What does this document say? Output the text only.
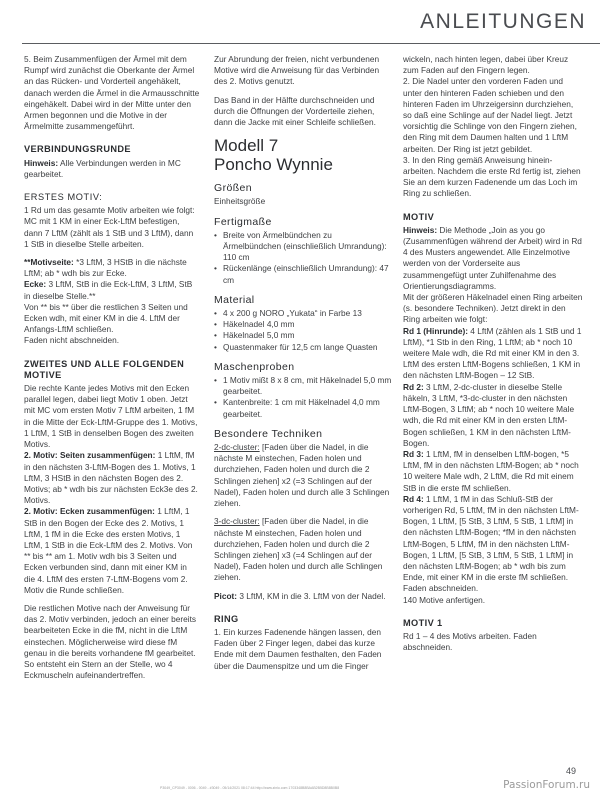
ANLEITUNGEN

5. Beim Zusammenfügen der Ärmel mit dem Rumpf wird zunächst die Oberkante der Ärmel an das Rücken- und Vorderteil angehäkelt, danach werden die Ärmel in die Armausschnitte eingehäkelt. Dabei wird in der Mitte unter den Armen begonnen und die Motive in der Ärmelmitte zusammengeführt.

VERBINDUNGSRUNDE

Hinweis: Alle Verbindungen werden in MC gearbeitet.

ERSTES MOTIV:

1 Rd um das gesamte Motiv arbeiten wie folgt:

MC mit 1 KM in einer Eck-LftM befestigen, dann 7 LftM (zählt als 1 StB und 3 LftM), dann 1 StB in dieselbe Stelle arbeiten.

**Motivseite: *3 LftM, 3 HStB in die nächste LftM; ab * wdh bis zur Ecke.

Ecke: 3 LftM, StB in die Eck-LftM, 3 LftM, StB in dieselbe Stelle.**

Von ** bis ** über die restlichen 3 Seiten und Ecken wdh, mit einer KM in die 4. LftM der Anfangs-LftM schließen.

Faden nicht abschneiden.

ZWEITES UND ALLE FOLGENDEN MOTIVE

Die rechte Kante jedes Motivs mit den Ecken parallel legen, dabei liegt Motiv 1 oben. Jetzt mit MC vom ersten Motiv 7 LftM arbeiten, 1 fM in die Mitte der Eck-LftM-Gruppe des 1. Motivs, 1 LftM, 1 StB in denselben Bogen des zweiten Motivs.

2. Motiv: Seiten zusammenfügen: 1 LftM, fM in den nächsten 3-LftM-Bogen des 1. Motivs, 1 LftM, 3 HStB in den nächsten Bogen des 2. Motivs; ab * wdh bis zur nächsten Eck3e des 2. Motivs.

2. Motiv: Ecken zusammenfügen: 1 LftM, 1 StB in den Bogen der Ecke des 2. Motivs, 1 LftM, 1 fM in die Ecke des ersten Motivs, 1 LftM, 1 StB in die Eck-LftM des 2. Motivs. Von ** bis ** am 1. Motiv wdh bis 3 Seiten und Ecken verbunden sind, dann mit einer KM in die 4. LftM des ersten 7-LftM-Bogens vom 2. Motiv die Runde schließen.

Die restlichen Motive nach der Anweisung für das 2. Motiv verbinden, jedoch an einer bereits bearbeiteten Ecke in die fM, nicht in die LftM einstechen. Möglicherweise wird diese fM genau in die bereits vorhandene fM gearbeitet. So entsteht ein Stern an der Stelle, wo 4 Eckmuscheln aufeinandertreffen.

Zur Abrundung der freien, nicht verbundenen Motive wird die Anweisung für das Verbinden des 2. Motivs genutzt.

Das Band in der Hälfte durchschneiden und durch die Öffnungen der Vorderteile ziehen, dann die Jacke mit einer Schleife schließen.

Modell 7
Poncho Wynnie
Größen

Einheitsgröße

Fertigmaße
• Breite von Ärmelbündchen zu Ärmelbündchen (einschließlich Umrandung): 110 cm
• Rückenlänge (einschließlich Umrandung): 47 cm
Material
• 4 x 200 g NORO „Yukata“ in Farbe 13
• Häkelnadel 4,0 mm
• Häkelnadel 5,0 mm
• Quastenmaker für 12,5 cm lange Quasten
Maschenproben
• 1 Motiv mißt 8 x 8 cm, mit Häkelnadel 5,0 mm gearbeitet.
• Kantenbreite: 1 cm mit Häkelnadel 4,0 mm gearbeitet.
Besondere Techniken

2-dc-cluster: [Faden über die Nadel, in die nächste M einstechen, Faden holen und durchziehen, Faden holen und durch die 2 Schlingen ziehen] x2 (=3 Schlingen auf der Nadel), Faden holen und durch alle 3 Schlingen ziehen.

3-dc-cluster: [Faden über die Nadel, in die nächste M einstechen, Faden holen und durchziehen, Faden holen und durch die 2 Schlingen ziehen] x3 (=4 Schlingen auf der Nadel), Faden holen und durch alle Schlingen ziehen.

Picot: 3 LftM, KM in die 3. LftM von der Nadel.

RING

1. Ein kurzes Fadenende hängen lassen, den Faden über 2 Finger legen, dabei das kurze Ende mit dem Daumen festhalten, den Faden über die Daumenspitze und um die Finger

wickeln, nach hinten legen, dabei über Kreuz zum Faden auf den Fingern legen.

2. Die Nadel unter den vorderen Faden und unter den hinteren Faden schieben und den hinteren Faden im Uhrzeigersinn durchziehen, so daß eine Schlinge auf der Nadel liegt. Jetzt vorsichtig die Schlinge von den Fingern ziehen, den Ring mit dem Daumen halten und 1 LftM arbeiten. Der Ring ist jetzt gebildet.

3. In den Ring gemäß Anweisung hinein-arbeiten. Nachdem die erste Rd fertig ist, ziehen Sie an dem kurzen Fadenende um das Loch im Ring zu schließen.

MOTIV

Hinweis: Die Methode „Join as you go (Zusammenfügen während der Arbeit) wird in Rd 4 des Musters angewendet. Alle Einzelmotive werden von der Vorderseite aus zusammengefügt unter Zuhilfenahme des Orientierungsdiagramms.

Mit der größeren Häkelnadel einen Ring arbeiten (s. besondere Techniken). Jetzt direkt in den Ring arbeiten wie folgt:

Rd 1 (Hinrunde): 4 LftM (zählen als 1 StB und 1 LftM), *1 Stb in den Ring, 1 LftM; ab * noch 10 weitere Male wdh, die Rd mit einer KM in den 3. LftM des ersten LftM-Bogens schließen, 1 KM in den nächsten LftM-Bogen – 12 StB.

Rd 2: 3 LftM, 2-dc-cluster in dieselbe Stelle häkeln, 3 LftM, *3-dc-cluster in den nächsten LftM-Bogen, 3 LftM; ab * noch 10 weitere Male wdh, die Rd mit einer KM in den ersten LftM-Bogen schließen, 1 KM in den nächsten LftM-Bogen.

Rd 3: 1 LftM, fM in denselben LftM-bogen, *5 LftM, fM in den nächsten LftM-Bogen; ab * noch 10 weitere Male wdh, 2 LftM, die Rd mit einem StB in die erste fM schließen.

Rd 4: 1 LftM, 1 fM in das Schluß-StB der vorherigen Rd, 5 LftM, fM in den nächsten LftM-Bogen, 1 LftM, [5 StB, 3 LftM, 5 StB, 1 LftM] in den nächsten LftM-Bogen; *fM in den nächsten LftM-Bogen, 5 LftM, fM in den nächsten LftM-Bogen, 1 LftM, [5 StB, 3 LftM, 5 StB, 1 LftM] in den nächsten LftM-Bogen; ab * wdh bis zum Ende, mit einer KM in die erste fM schließen.

Faden abschneiden.

140 Motive anfertigen.

MOTIV 1

Rd 1 – 4 des Motivs arbeiten. Faden abschneiden.

49
P3049_CP3049 - 0006 - 0049 - #3049 - 05/14/2021 08:17:44 http://www.zinio.com 1703348B8BAAB2B5D8B8B0B8	PassionForum.ru
